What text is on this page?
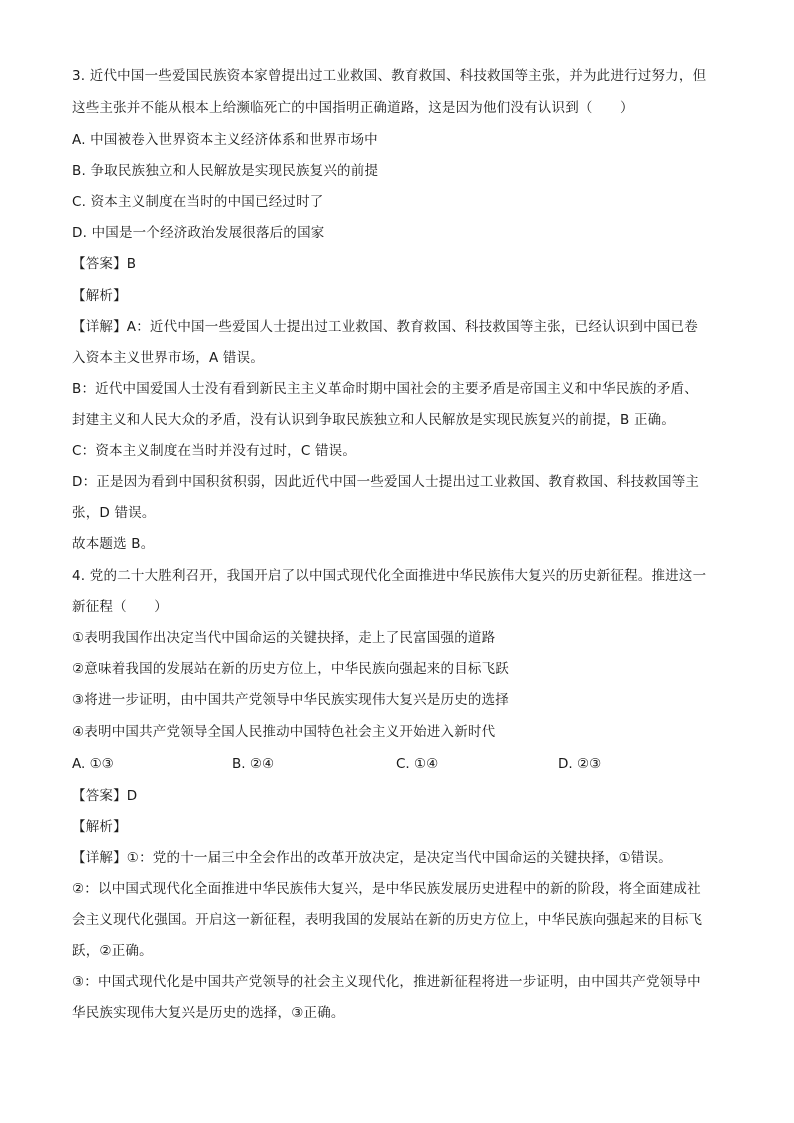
3. 近代中国一些爱国民族资本家曾提出过工业救国、教育救国、科技救国等主张，并为此进行过努力，但
这些主张并不能从根本上给濒临死亡的中国指明正确道路，这是因为他们没有认识到（　　）
A. 中国被卷入世界资本主义经济体系和世界市场中
B. 争取民族独立和人民解放是实现民族复兴的前提
C. 资本主义制度在当时的中国已经过时了
D. 中国是一个经济政治发展很落后的国家
【答案】B
【解析】
【详解】A：近代中国一些爱国人士提出过工业救国、教育救国、科技救国等主张，已经认识到中国已卷
入资本主义世界市场，A 错误。
B：近代中国爱国人士没有看到新民主主义革命时期中国社会的主要矛盾是帝国主义和中华民族的矛盾、
封建主义和人民大众的矛盾，没有认识到争取民族独立和人民解放是实现民族复兴的前提，B 正确。
C：资本主义制度在当时并没有过时，C 错误。
D：正是因为看到中国积贫积弱，因此近代中国一些爱国人士提出过工业救国、教育救国、科技救国等主
张，D 错误。
故本题选 B。
4. 党的二十大胜利召开，我国开启了以中国式现代化全面推进中华民族伟大复兴的历史新征程。推进这一
新征程（　　）
①表明我国作出决定当代中国命运的关键抉择，走上了民富国强的道路
②意味着我国的发展站在新的历史方位上，中华民族向强起来的目标飞跃
③将进一步证明，由中国共产党领导中华民族实现伟大复兴是历史的选择
④表明中国共产党领导全国人民推动中国特色社会主义开始进入新时代
A. ①③	B. ②④	C. ①④	D. ②③
【答案】D
【解析】
【详解】①：党的十一届三中全会作出的改革开放决定，是决定当代中国命运的关键抉择，①错误。
②：以中国式现代化全面推进中华民族伟大复兴，是中华民族发展历史进程中的新的阶段，将全面建成社
会主义现代化强国。开启这一新征程，表明我国的发展站在新的历史方位上，中华民族向强起来的目标飞
跃，②正确。
③：中国式现代化是中国共产党领导的社会主义现代化，推进新征程将进一步证明，由中国共产党领导中
华民族实现伟大复兴是历史的选择，③正确。
